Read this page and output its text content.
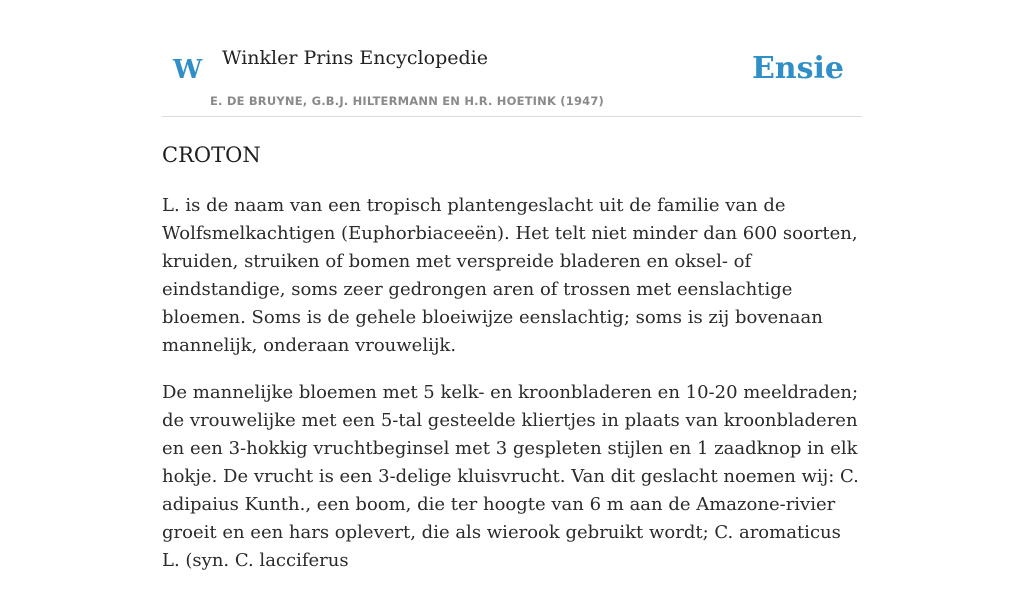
W Winkler Prins Encyclopedie
E. DE BRUYNE, G.B.J. HILTERMANN EN H.R. HOETINK (1947)
Ensie
CROTON

L. is de naam van een tropisch plantengeslacht uit de familie van de Wolfsmelkachtigen (Euphorbiaceeën). Het telt niet minder dan 600 soorten, kruiden, struiken of bomen met verspreide bladeren en oksel- of eindstandige, soms zeer gedrongen aren of trossen met eenslachtige bloemen. Soms is de gehele bloeiwijze eenslachtig; soms is zij bovenaan mannelijk, onderaan vrouwelijk.

De mannelijke bloemen met 5 kelk- en kroonbladeren en 10-20 meeldraden; de vrouwelijke met een 5-tal gesteelde kliertjes in plaats van kroonbladeren en een 3-hokkig vruchtbeginsel met 3 gespleten stijlen en 1 zaadknop in elk hokje. De vrucht is een 3-delige kluisvrucht. Van dit geslacht noemen wij: C. adipaius Kunth., een boom, die ter hoogte van 6 m aan de Amazone-rivier groeit en een hars oplevert, die als wierook gebruikt wordt; C. aromaticus L. (syn. C. lacciferus
